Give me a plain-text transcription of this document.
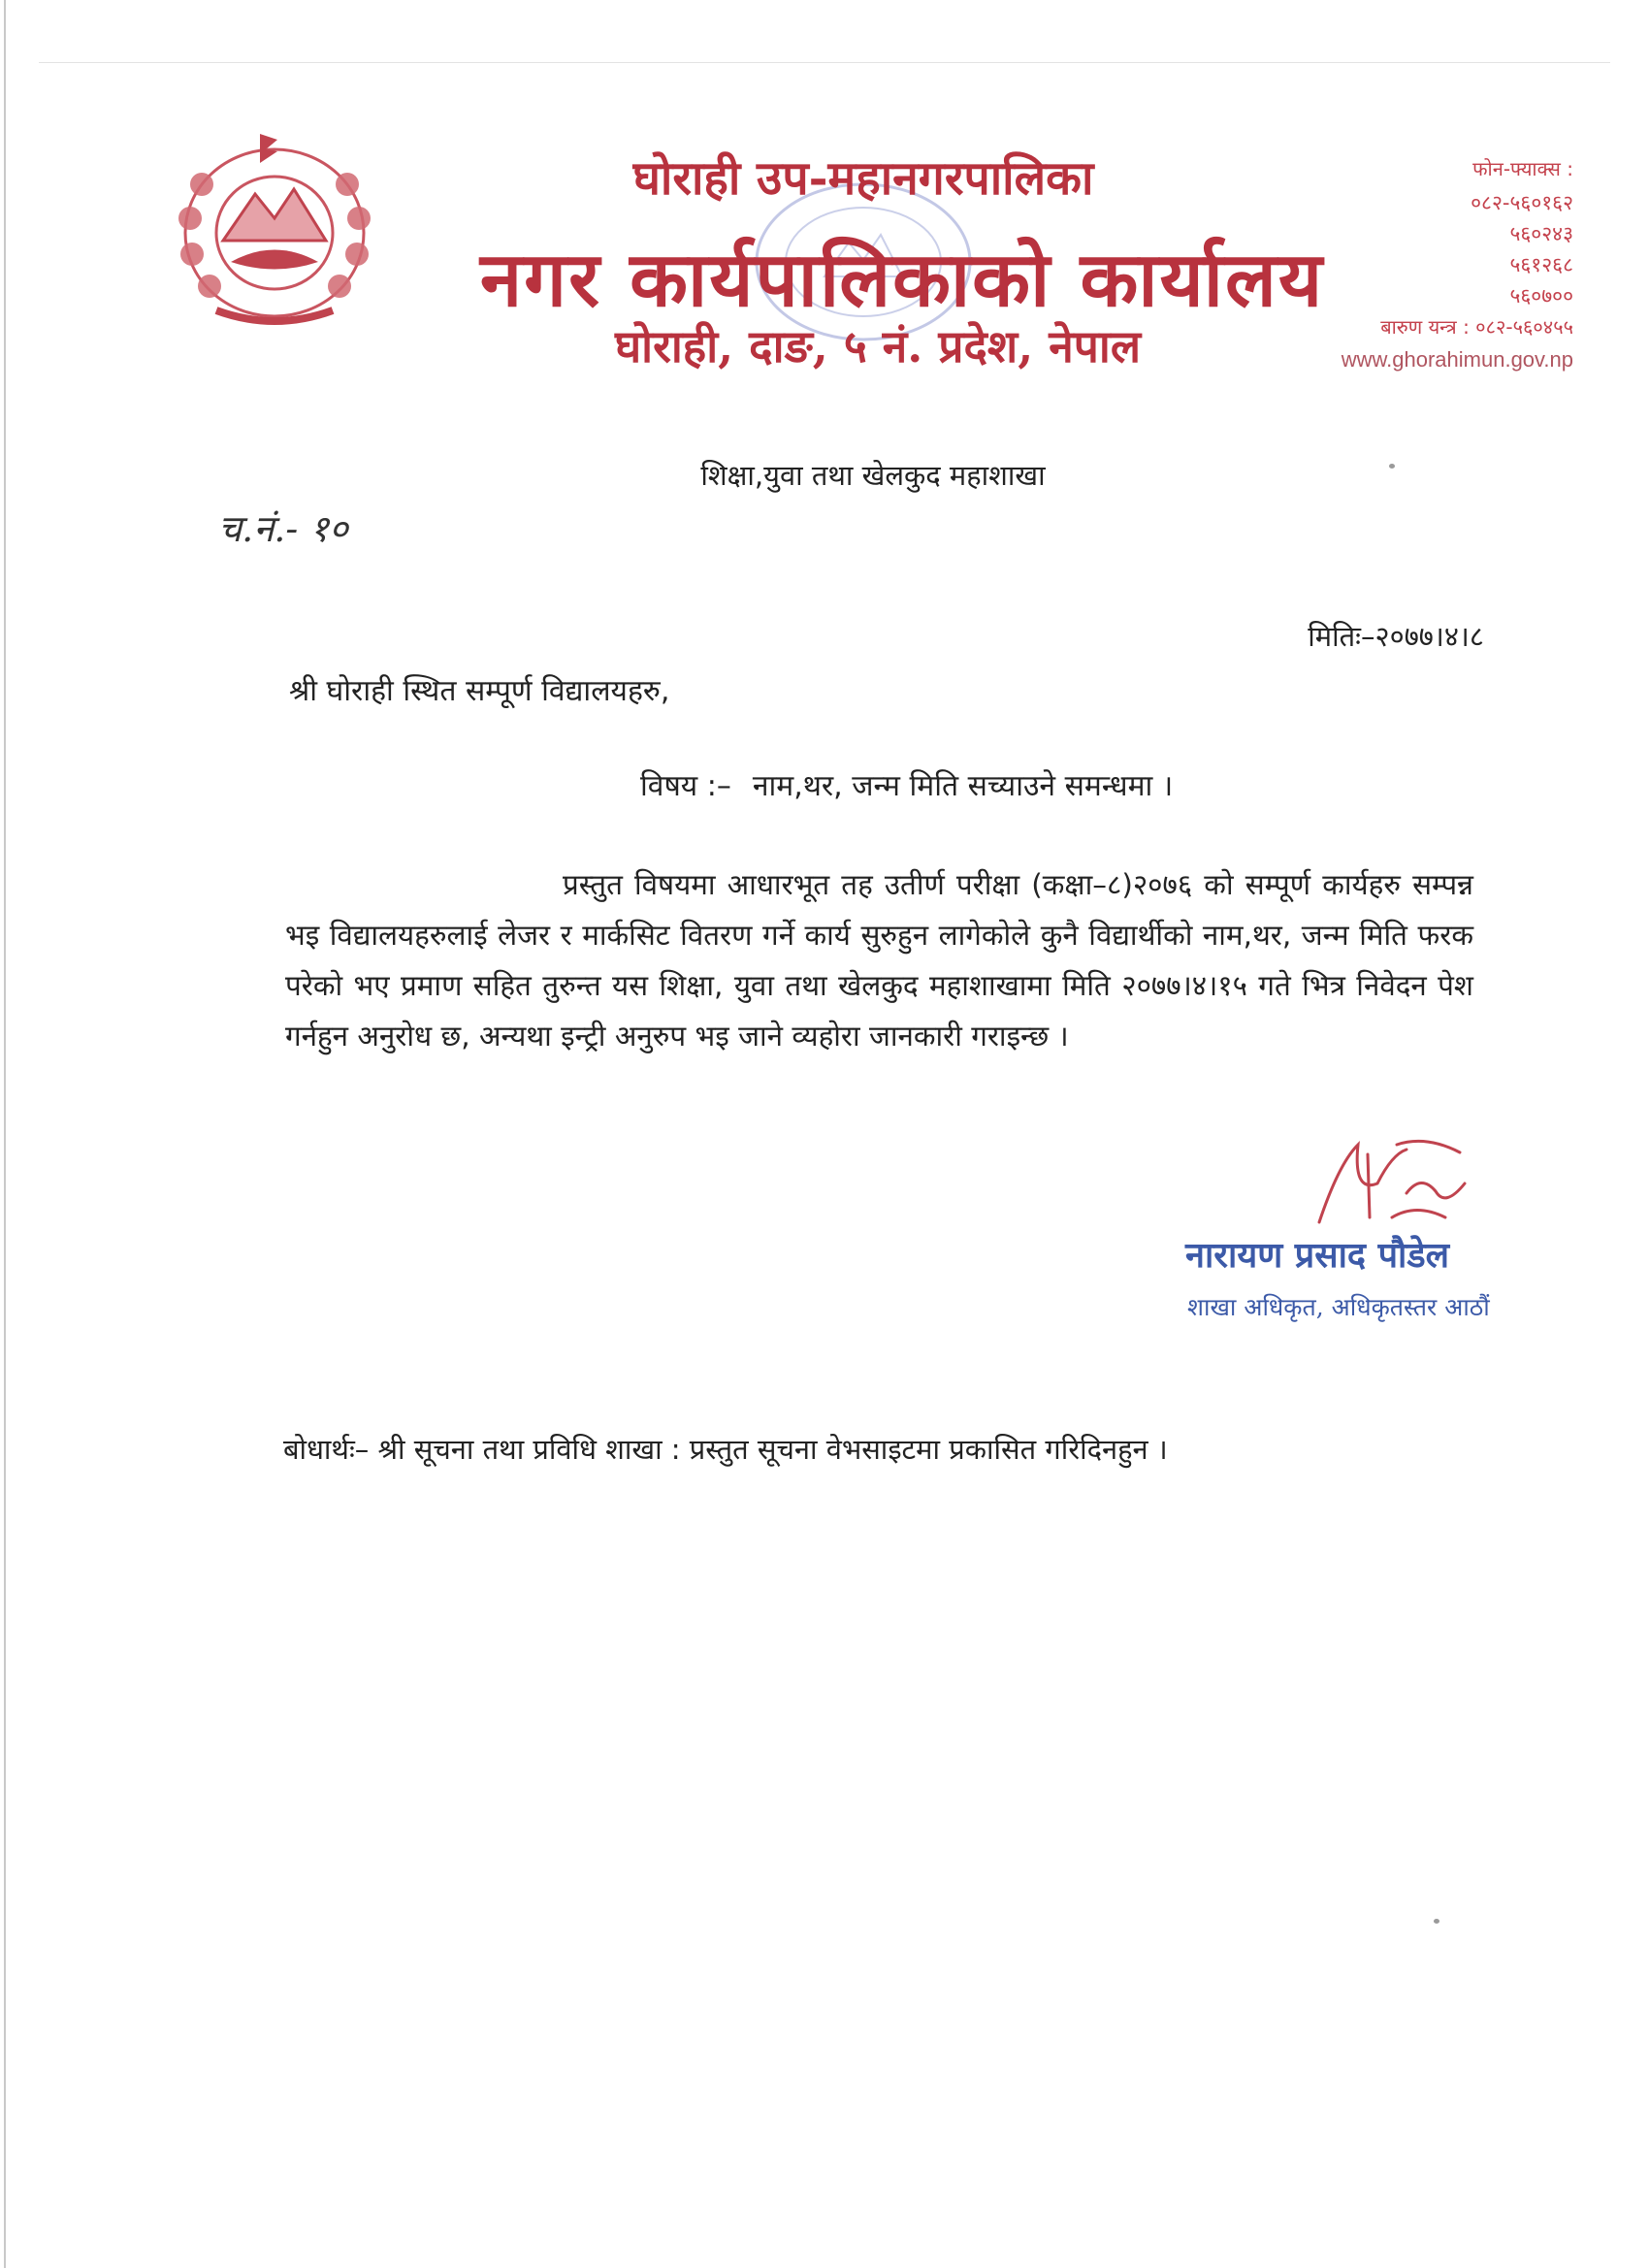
घोराही उप-महानगरपालिका
नगर कार्यपालिकाको कार्यालय
घोराही, दाङ, ५ नं. प्रदेश, नेपाल
फोन-फ्याक्स :
०८२-५६०१६२
५६०२४३
५६१२६८
५६०७००
बारुण यन्त्र : ०८२-५६०४५५
www.ghorahimun.gov.np
शिक्षा,युवा तथा खेलकुद महाशाखा
च.नं.- १०
मितिः–२०७७।४।८
श्री घोराही स्थित सम्पूर्ण विद्यालयहरु,
विषय :– नाम,थर, जन्म मिति सच्याउने समन्धमा ।
प्रस्तुत विषयमा आधारभूत तह उतीर्ण परीक्षा (कक्षा–८)२०७६ को सम्पूर्ण कार्यहरु सम्पन्न भइ विद्यालयहरुलाई लेजर र मार्कसिट वितरण गर्ने कार्य सुरुहुन लागेकोले कुनै विद्यार्थीको नाम,थर, जन्म मिति फरक परेको भए प्रमाण सहित तुरुन्त यस शिक्षा, युवा तथा खेलकुद महाशाखामा मिति २०७७।४।१५ गते भित्र निवेदन पेश गर्नहुन अनुरोध छ, अन्यथा इन्ट्री अनुरुप भइ जाने व्यहोरा जानकारी गराइन्छ ।
नारायण प्रसाद पौडेल
शाखा अधिकृत, अधिकृतस्तर आठौं
बोधार्थः– श्री सूचना तथा प्रविधि शाखा : प्रस्तुत सूचना वेभसाइटमा प्रकासित गरिदिनहुन ।
